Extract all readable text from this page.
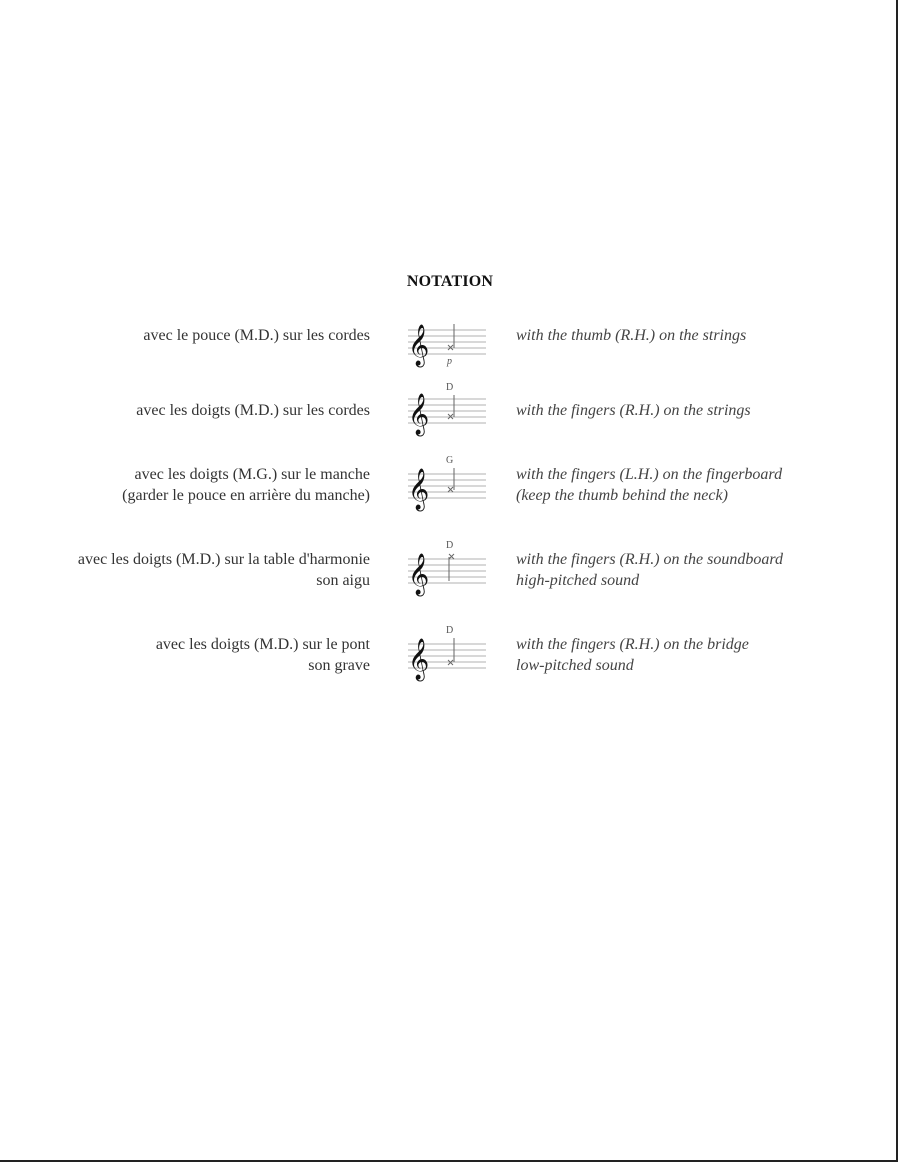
NOTATION
avec le pouce (M.D.) sur les cordes 𝄞 p
with the thumb (R.H.) on the strings
avec les doigts (M.D.) sur les cordes 𝄞
D
with the fingers (R.H.) on the strings
avec les doigts (M.G.) sur le manche
(garder le pouce en arrière du manche) 𝄞
G
with the fingers (L.H.) on the fingerboard
(keep the thumb behind the neck)
avec les doigts (M.D.) sur la table d'harmonie
son aigu 𝄞
D
with the fingers (R.H.) on the soundboard
high-pitched sound
avec les doigts (M.D.) sur le pont
son grave 𝄞
D
with the fingers (R.H.) on the bridge
low-pitched sound
